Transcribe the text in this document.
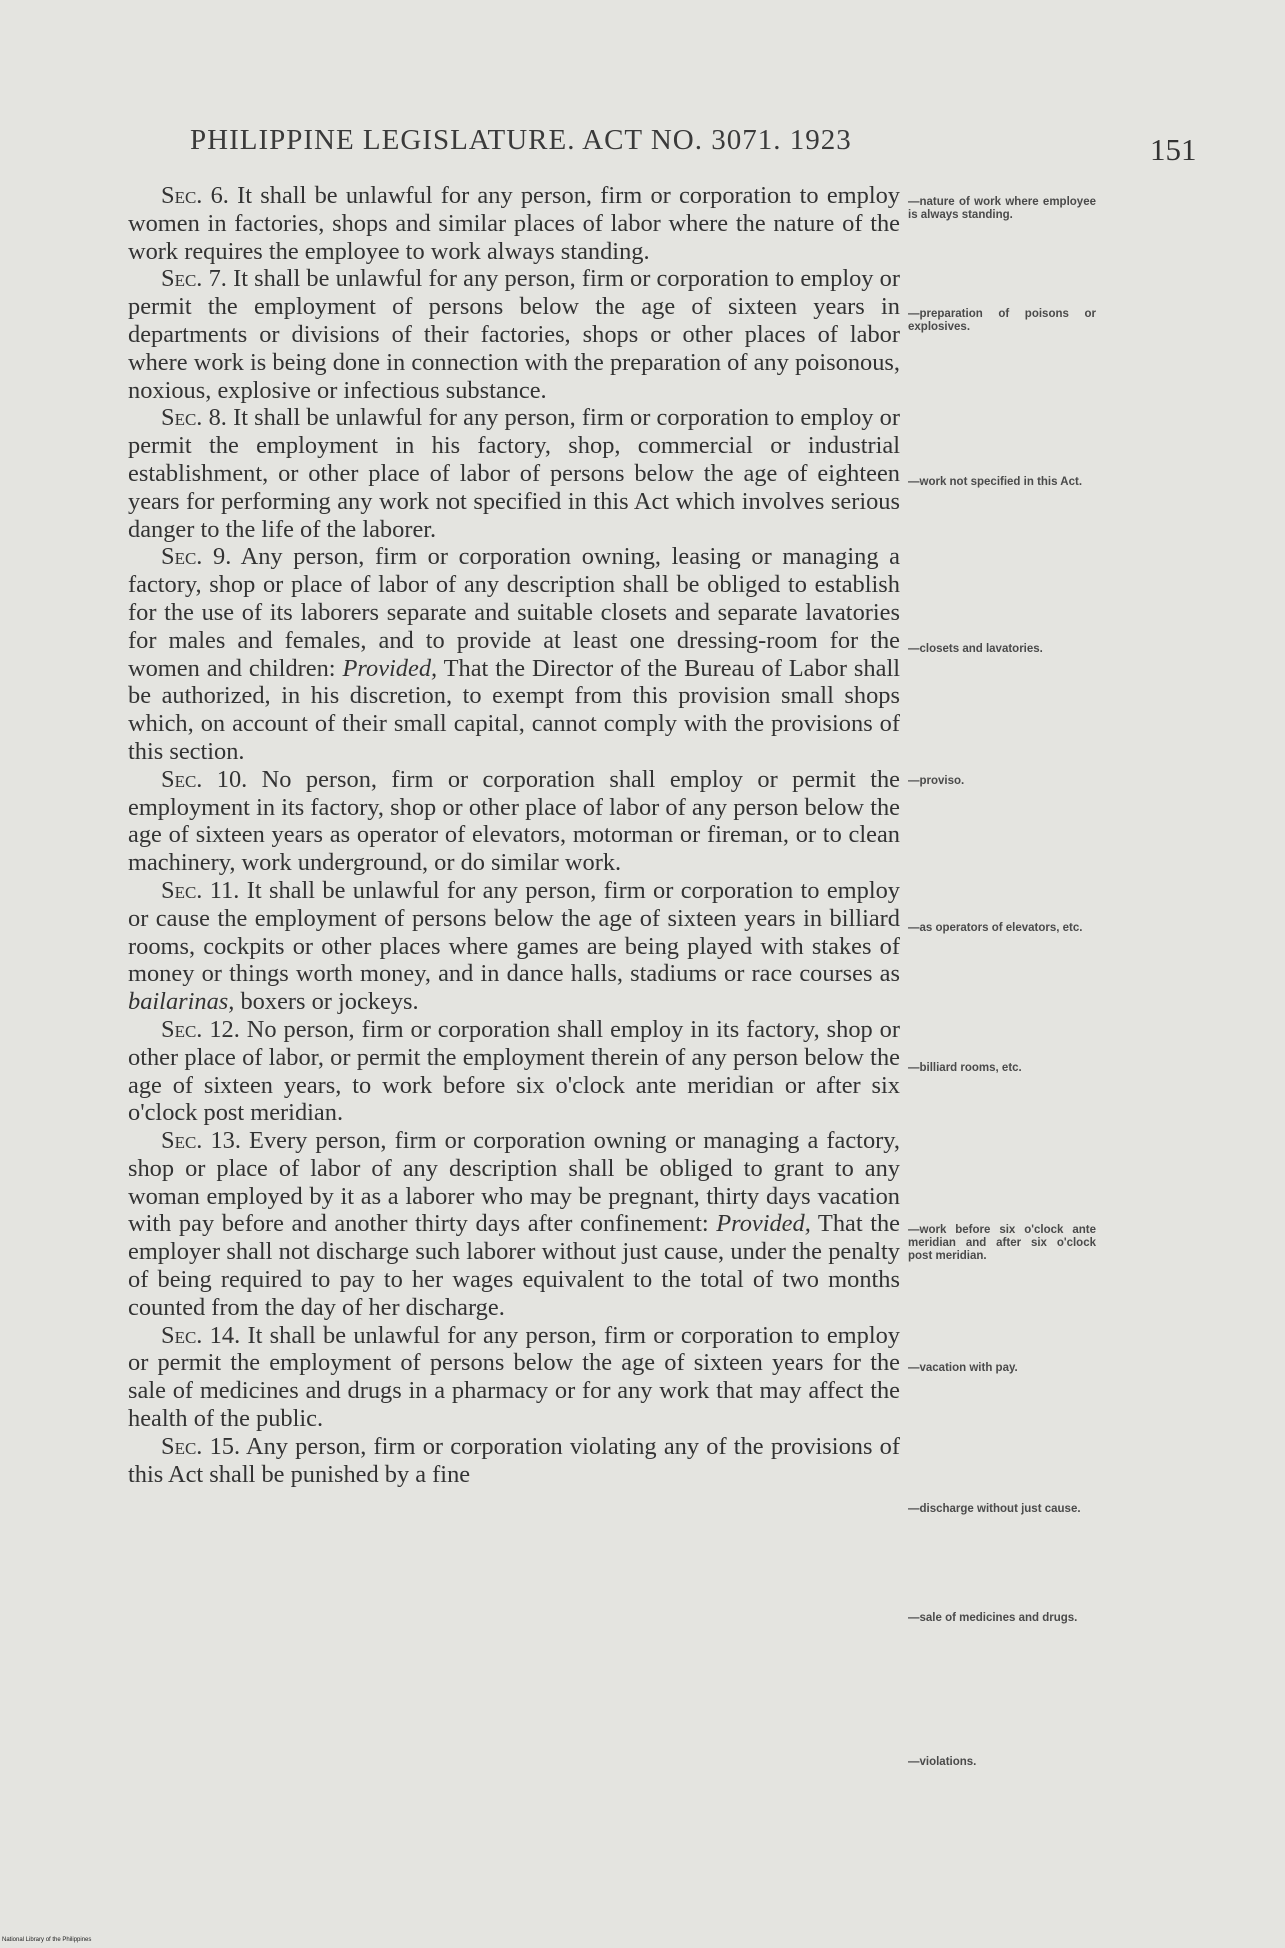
PHILIPPINE LEGISLATURE. ACT NO. 3071. 1923	151

Sec. 6. It shall be unlawful for any person, firm or corporation to employ women in factories, shops and similar places of labor where the nature of the work requires the employee to work always standing.

Sec. 7. It shall be unlawful for any person, firm or corporation to employ or permit the employment of persons below the age of sixteen years in departments or divisions of their factories, shops or other places of labor where work is being done in connection with the preparation of any poisonous, noxious, explosive or infectious substance.

Sec. 8. It shall be unlawful for any person, firm or corporation to employ or permit the employment in his factory, shop, commercial or industrial establishment, or other place of labor of persons below the age of eighteen years for performing any work not specified in this Act which involves serious danger to the life of the laborer.

Sec. 9. Any person, firm or corporation owning, leasing or managing a factory, shop or place of labor of any description shall be obliged to establish for the use of its laborers separate and suitable closets and separate lavatories for males and females, and to provide at least one dressing-room for the women and children: Provided, That the Director of the Bureau of Labor shall be authorized, in his discretion, to exempt from this provision small shops which, on account of their small capital, cannot comply with the provisions of this section.

Sec. 10. No person, firm or corporation shall employ or permit the employment in its factory, shop or other place of labor of any person below the age of sixteen years as operator of elevators, motorman or fireman, or to clean machinery, work underground, or do similar work.

Sec. 11. It shall be unlawful for any person, firm or corporation to employ or cause the employment of persons below the age of sixteen years in billiard rooms, cockpits or other places where games are being played with stakes of money or things worth money, and in dance halls, stadiums or race courses as bailarinas, boxers or jockeys.

Sec. 12. No person, firm or corporation shall employ in its factory, shop or other place of labor, or permit the employment therein of any person below the age of sixteen years, to work before six o'clock ante meridian or after six o'clock post meridian.

Sec. 13. Every person, firm or corporation owning or managing a factory, shop or place of labor of any description shall be obliged to grant to any woman employed by it as a laborer who may be pregnant, thirty days vacation with pay before and another thirty days after confinement: Provided, That the employer shall not discharge such laborer without just cause, under the penalty of being required to pay to her wages equivalent to the total of two months counted from the day of her discharge.

Sec. 14. It shall be unlawful for any person, firm or corporation to employ or permit the employment of persons below the age of sixteen years for the sale of medicines and drugs in a pharmacy or for any work that may affect the health of the public.

Sec. 15. Any person, firm or corporation violating any of the provisions of this Act shall be punished by a fine

—nature of work where employee is always standing.
—preparation of poisons or explosives.
—work not specified in this Act.
—closets and lavatories.
—proviso.
—as operators of elevators, etc.
—billiard rooms, etc.
—work before six o'clock ante meridian and after six o'clock post meridian.
—vacation with pay.
—discharge without just cause.
—sale of medicines and drugs.
—violations.
National Library of the Philippines
